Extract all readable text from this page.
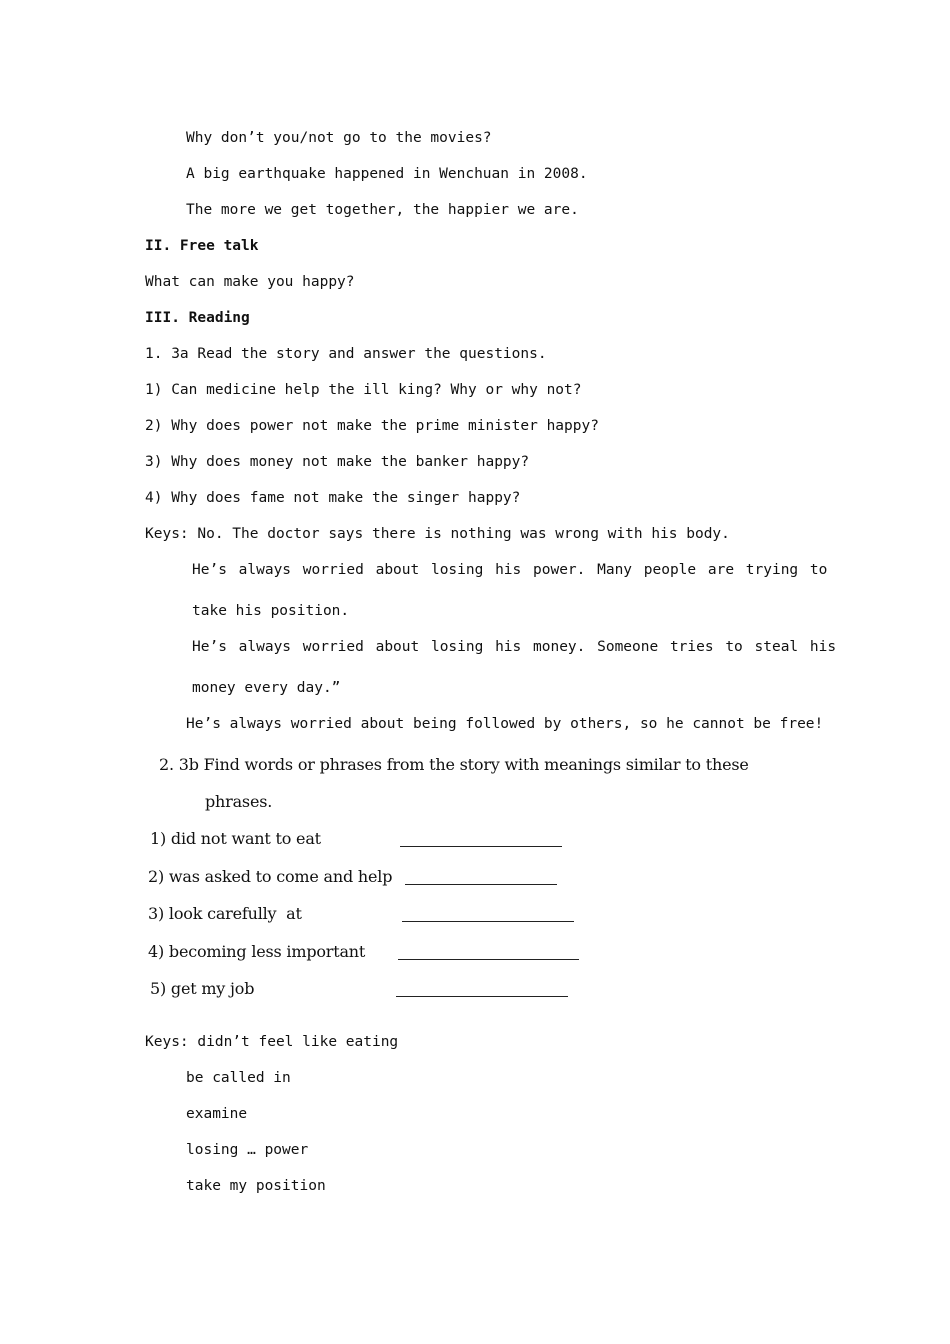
Why don’t you/not go to the movies?
A big earthquake happened in Wenchuan in 2008.
The more we get together, the happier we are.
II. Free talk
What can make you happy?
III. Reading
1. 3a Read the story and answer the questions.
1) Can medicine help the ill king? Why or why not?
2) Why does power not make the prime minister happy?
3) Why does money not make the banker happy?
4) Why does fame not make the singer happy?
Keys: No. The doctor says there is nothing was wrong with his body.
He’s always worried about losing his power. Many people are trying to
take his position.
He’s always worried about losing his money. Someone tries to steal his
money every day.”
He’s always worried about being followed by others, so he cannot be free!
2. 3b Find words or phrases from the story with meanings similar to these
phrases.
1) did not want to eat
2) was asked to come and help
3) look carefully  at
4) becoming less important
5) get my job
Keys: didn’t feel like eating
be called in
examine
losing … power
take my position
